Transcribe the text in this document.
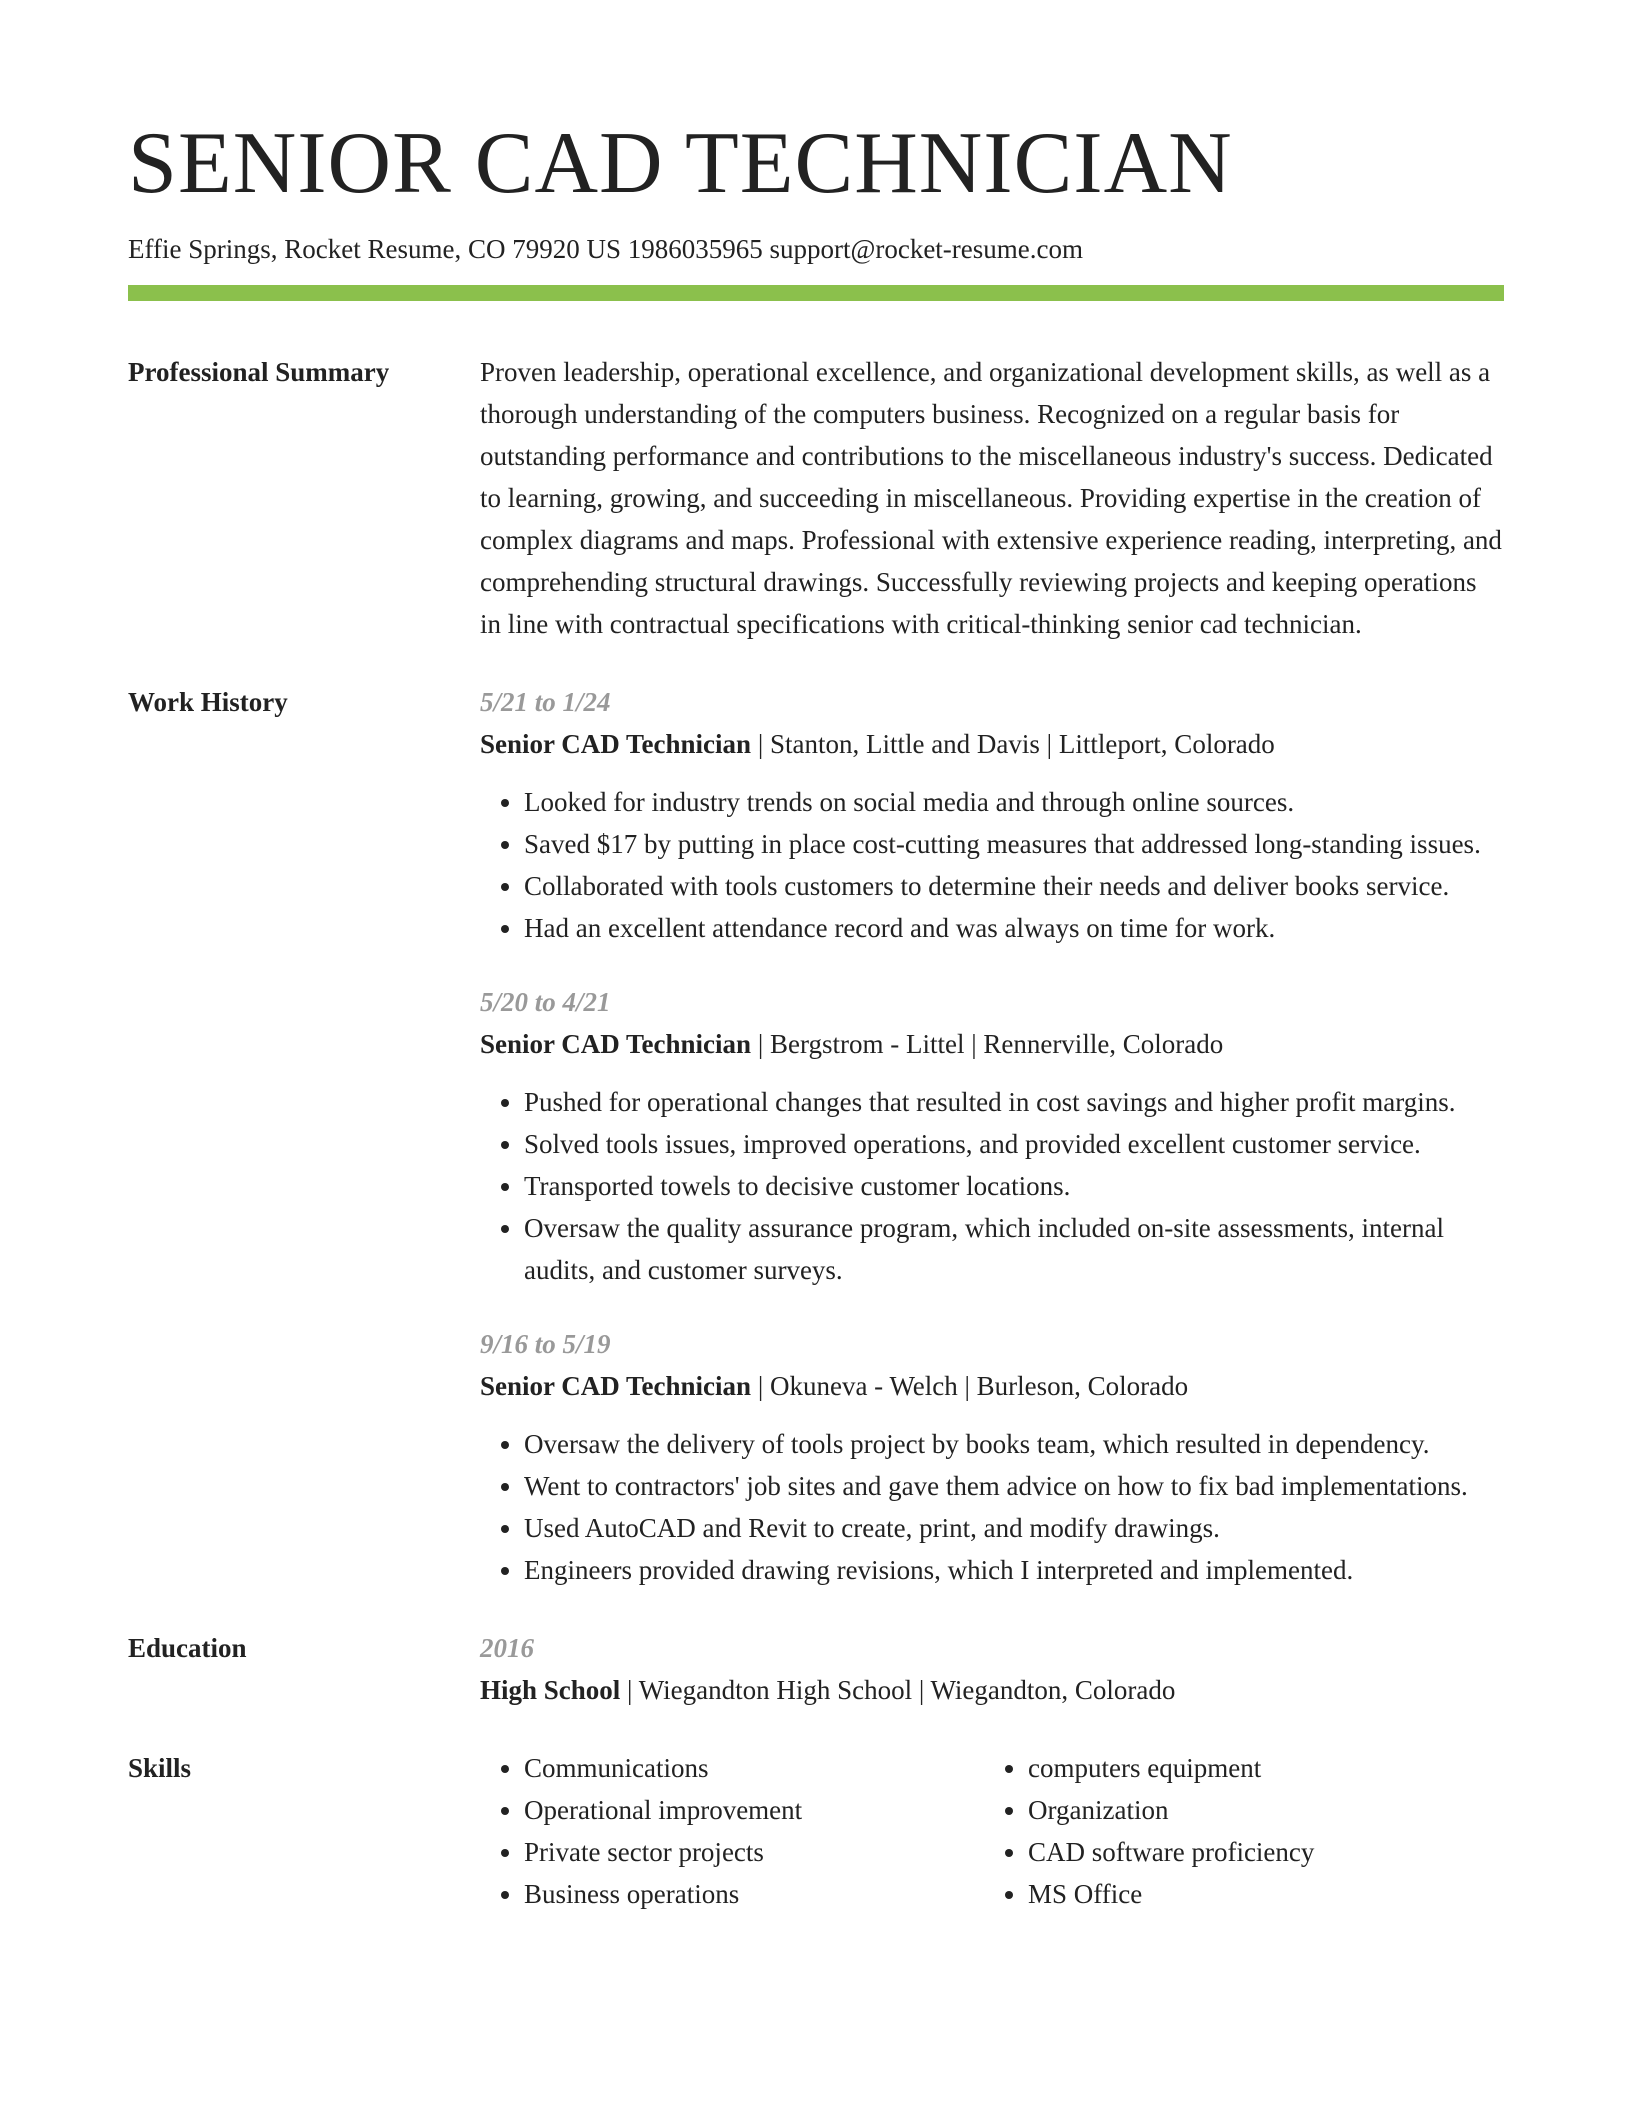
SENIOR CAD TECHNICIAN
Effie Springs, Rocket Resume, CO 79920 US 1986035965 support@rocket-resume.com
Professional Summary	Proven leadership, operational excellence, and organizational development skills, as well as a thorough understanding of the computers business. Recognized on a regular basis for outstanding performance and contributions to the miscellaneous industry's success. Dedicated to learning, growing, and succeeding in miscellaneous. Providing expertise in the creation of complex diagrams and maps. Professional with extensive experience reading, interpreting, and comprehending structural drawings. Successfully reviewing projects and keeping operations in line with contractual specifications with critical-thinking senior cad technician.

Work History	5/21 to 1/24
Senior CAD Technician | Stanton, Little and Davis | Littleport, Colorado
• Looked for industry trends on social media and through online sources.
• Saved $17 by putting in place cost-cutting measures that addressed long-standing issues.
• Collaborated with tools customers to determine their needs and deliver books service.
• Had an excellent attendance record and was always on time for work.
5/20 to 4/21
Senior CAD Technician | Bergstrom - Littel | Rennerville, Colorado
• Pushed for operational changes that resulted in cost savings and higher profit margins.
• Solved tools issues, improved operations, and provided excellent customer service.
• Transported towels to decisive customer locations.
• Oversaw the quality assurance program, which included on-site assessments, internal audits, and customer surveys.
9/16 to 5/19
Senior CAD Technician | Okuneva - Welch | Burleson, Colorado
• Oversaw the delivery of tools project by books team, which resulted in dependency.
• Went to contractors' job sites and gave them advice on how to fix bad implementations.
• Used AutoCAD and Revit to create, print, and modify drawings.
• Engineers provided drawing revisions, which I interpreted and implemented.
Education	2016
High School | Wiegandton High School | Wiegandton, Colorado
Skills
•	Communications
• Operational improvement
• Private sector projects
• Business operations
• computers equipment
• Organization
• CAD software proficiency
• MS Office
